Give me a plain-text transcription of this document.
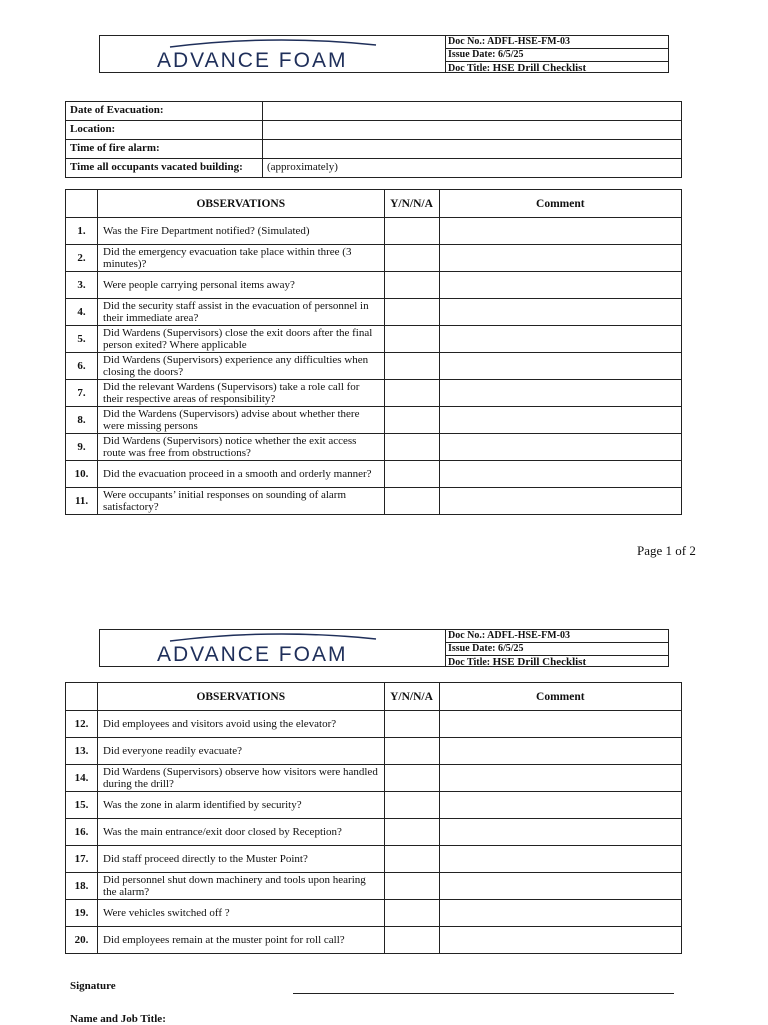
ADVANCE FOAM
Doc No.: ADFL-HSE-FM-03
Issue Date: 6/5/25
Doc Title: HSE Drill Checklist
Date of Evacuation:	
Location:	
Time of fire alarm:	
Time all occupants vacated building:	(approximately)
	OBSERVATIONS	Y/N/N/A	Comment
1.	Was the Fire Department notified? (Simulated)		
2.	Did the emergency evacuation take place within three (3 minutes)?		
3.	Were people carrying personal items away?		
4.	Did the security staff assist in the evacuation of personnel in their immediate area?		
5.	Did Wardens (Supervisors) close the exit doors after the final person exited? Where applicable		
6.	Did Wardens (Supervisors) experience any difficulties when closing the doors?		
7.	Did the relevant Wardens (Supervisors) take a role call for their respective areas of responsibility?		
8.	Did the Wardens (Supervisors) advise about whether there were missing persons		
9.	Did Wardens (Supervisors) notice whether the exit access route was free from obstructions?		
10.	Did the evacuation proceed in a smooth and orderly manner?		
11.	Were occupants’ initial responses on sounding of alarm satisfactory?		
Page 1 of 2
ADVANCE FOAM
Doc No.: ADFL-HSE-FM-03
Issue Date: 6/5/25
Doc Title: HSE Drill Checklist
	OBSERVATIONS	Y/N/N/A	Comment
12.	Did employees and visitors avoid using the elevator?		
13.	Did everyone readily evacuate?		
14.	Did Wardens (Supervisors) observe how visitors were handled during the drill?		
15.	Was the zone in alarm identified by security?		
16.	Was the main entrance/exit door closed by Reception?		
17.	Did staff proceed directly to the Muster Point?		
18.	Did personnel shut down machinery and tools upon hearing the alarm?		
19.	Were vehicles switched off ?		
20.	Did employees remain at the muster point for roll call?		
Signature
Name and Job Title:
